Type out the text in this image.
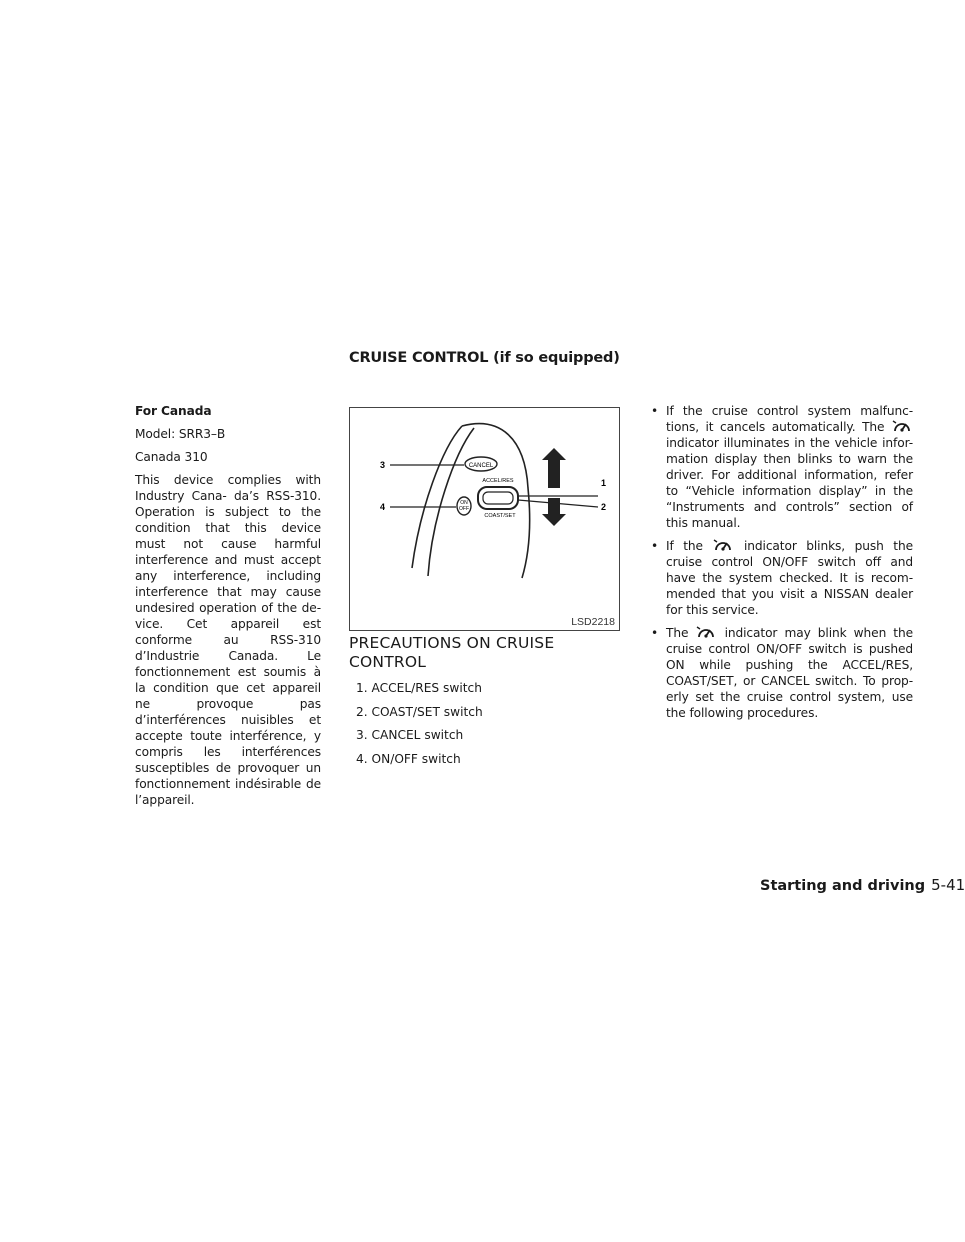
CRUISE CONTROL (if so equipped)

For Canada

Model: SRR3–B

Canada 310

This device complies with Industry Cana- da’s RSS-310. Operation is subject to the condition that this device must not cause harmful interference and must accept any interference, including interference that may cause undesired operation of the de- vice. Cet appareil est conforme au RSS-310 d’Industrie Canada. Le fonctionnement est soumis à la condition que cet appareil ne provoque pas d’interférences nuisibles et accepte toute interférence, y compris les interférences susceptibles de provoquer un fonctionnement indésirable de l’appareil.

CANCEL
ACCEL/RES
COAST/SET
ON
OFF
3
4
1
2
LSD2218
PRECAUTIONS ON CRUISE CONTROL
1. ACCEL/RES switch
2. COAST/SET switch
3. CANCEL switch
4. ON/OFF switch
• If the cruise control system malfunc- tions, it cancels automatically. The  indicator illuminates in the vehicle infor- mation display then blinks to warn the driver. For additional information, refer to “Vehicle information display” in the “Instruments and controls” section of this manual.
• If the	indicator blinks, push the cruise control ON/OFF switch off and have the system checked. It is recom- mended that you visit a NISSAN dealer for this service.
• The	indicator may blink when the cruise control ON/OFF switch is pushed ON while pushing the ACCEL/RES, COAST/SET, or CANCEL switch. To prop- erly set the cruise control system, use the following procedures.
Starting and driving 5-41
